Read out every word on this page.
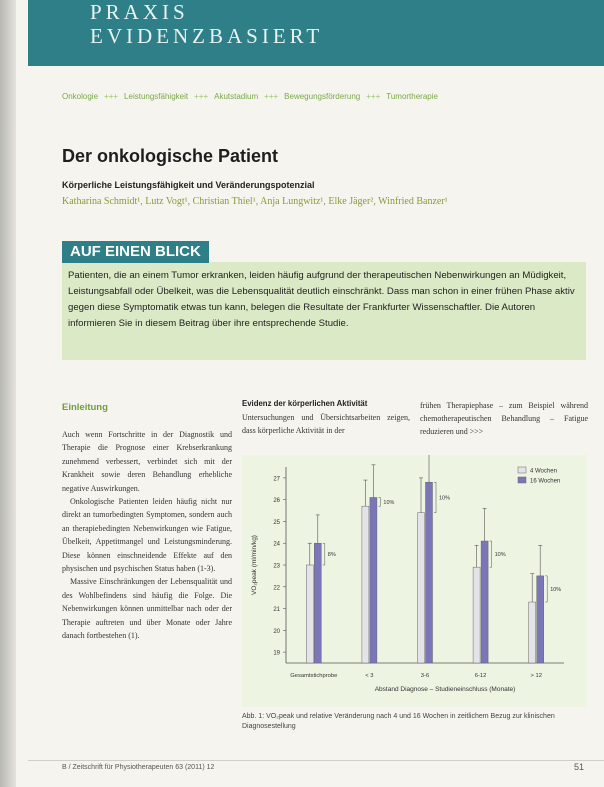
PRAXIS
EVIDENZBASIERT
Onkologie +++ Leistungsfähigkeit +++ Akutstadium +++ Bewegungsförderung +++ Tumortherapie
Der onkologische Patient
Körperliche Leistungsfähigkeit und Veränderungspotenzial
Katharina Schmidt¹, Lutz Vogt¹, Christian Thiel¹, Anja Lungwitz¹, Elke Jäger², Winfried Banzer¹
AUF EINEN BLICK
Patienten, die an einem Tumor erkranken, leiden häufig aufgrund der therapeutischen Nebenwirkungen an Müdigkeit, Leistungsabfall oder Übelkeit, was die Lebensqualität deutlich einschränkt. Dass man schon in einer frühen Phase aktiv gegen diese Symptomatik etwas tun kann, belegen die Resultate der Frankfurter Wissenschaftler. Die Autoren informieren Sie in diesem Beitrag über ihre entsprechende Studie.
Einleitung

Auch wenn Fortschritte in der Diagnostik und Therapie die Prognose einer Krebserkrankung zunehmend verbessert, verbindet sich mit der Krankheit sowie deren Behandlung erhebliche negative Auswirkungen.

Onkologische Patienten leiden häufig nicht nur direkt an tumorbedingten Symptomen, sondern auch an therapiebedingten Nebenwirkungen wie Fatigue, Übelkeit, Appetitmangel und Leistungsminderung. Diese können einschneidende Effekte auf den physischen und psychischen Status haben (1-3).

Massive Einschränkungen der Lebensqualität und des Wohlbefindens sind häufig die Folge. Die Nebenwirkungen können unmittelbar nach oder der Therapie auftreten und über Monate oder Jahre danach fortbestehen (1).

Evidenz der körperlichen Aktivität
Untersuchungen und Übersichtsarbeiten zeigen, dass körperliche Aktivität in der
frühen Therapiephase – zum Beispiel während chemotherapeutischen Behandlung – Fatigue reduzieren und >>>
19
20
21
22
23
24
25
26
27
VO₂peak (ml/min/kg)	8%
Gesamtstichprobe
10%
< 3
10%
3-6
10%
6-12
10%
> 12
Abstand Diagnose – Studieneinschluss (Monate)
4 Wochen
16 Wochen
Abb. 1: VO₂peak und relative Veränderung nach 4 und 16 Wochen in zeitlichem Bezug zur klinischen Diagnosestellung
B / Zeitschrift für Physiotherapeuten 63 (2011) 12	51
